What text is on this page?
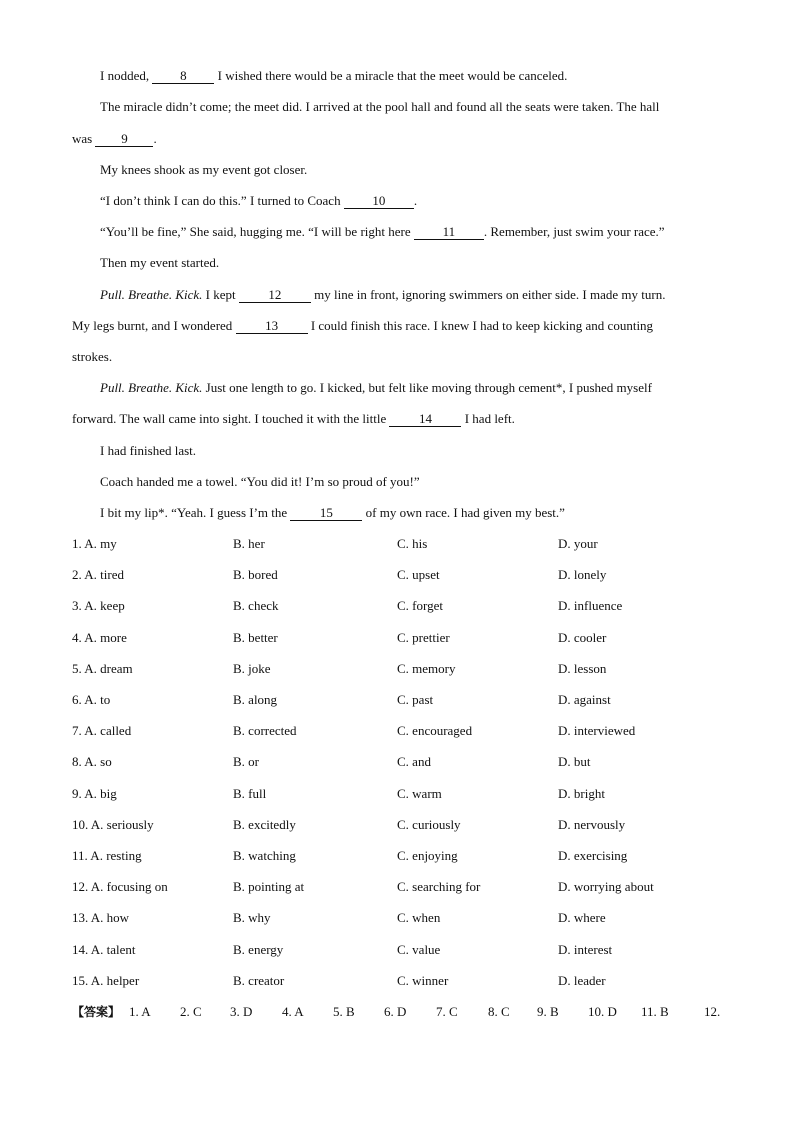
I nodded, 8 I wished there would be a miracle that the meet would be canceled.
The miracle didn’t come; the meet did. I arrived at the pool hall and found all the seats were taken. The hall
was 9 .
My knees shook as my event got closer.
“I don’t think I can do this.” I turned to Coach 10 .
“You’ll be fine,” She said, hugging me. “I will be right here 11 . Remember, just swim your race.”
Then my event started.
Pull. Breathe. Kick. I kept 12 my line in front, ignoring swimmers on either side. I made my turn.
My legs burnt, and I wondered 13 I could finish this race. I knew I had to keep kicking and counting
strokes.
Pull. Breathe. Kick. Just one length to go. I kicked, but felt like moving through cement*, I pushed myself
forward. The wall came into sight. I touched it with the little 14 I had left.
I had finished last.
Coach handed me a towel. “You did it! I’m so proud of you!”
I bit my lip*. “Yeah. I guess I’m the 15 of my own race. I had given my best.”
1. A. my	B. her	C. his	D. your
2. A. tired	B. bored	C. upset	D. lonely
3. A. keep	B. check	C. forget	D. influence
4. A. more	B. better	C. prettier	D. cooler
5. A. dream	B. joke	C. memory	D. lesson
6. A. to	B. along	C. past	D. against
7. A. called	B. corrected	C. encouraged	D. interviewed
8. A. so	B. or	C. and	D. but
9. A. big	B. full	C. warm	D. bright
10. A. seriously	B. excitedly	C. curiously	D. nervously
11. A. resting	B. watching	C. enjoying	D. exercising
12. A. focusing on	B. pointing at	C. searching for	D. worrying about
13. A. how	B. why	C. when	D. where
14. A. talent	B. energy	C. value	D. interest
15. A. helper	B. creator	C. winner	D. leader
【答案】 1. A 2. C 3. D 4. A 5. B 6. D 7. C 8. C 9. B 10. D 11. B	12.
